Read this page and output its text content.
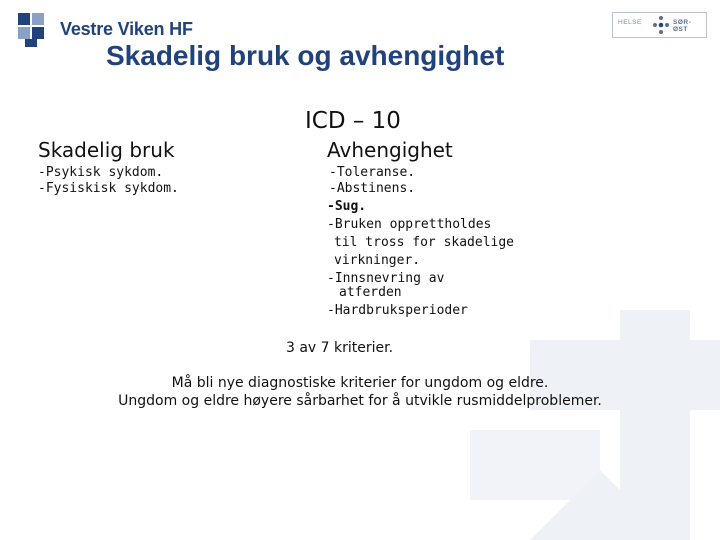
Vestre Viken HF	HELSE	SØR-ØST
Skadelig bruk og avhengighet
ICD – 10
Skadelig bruk
-Psykisk sykdom.
-Fysiskisk sykdom.
Avhengighet
-Toleranse.
-Abstinens.
-Sug.
-Bruken opprettholdes
til tross for skadelige
virkninger.
-Innsnevring av
atferden
-Hardbruksperioder
3 av 7 kriterier.
Må bli nye diagnostiske kriterier for ungdom og eldre.
Ungdom og eldre høyere sårbarhet for å utvikle rusmiddelproblemer.
